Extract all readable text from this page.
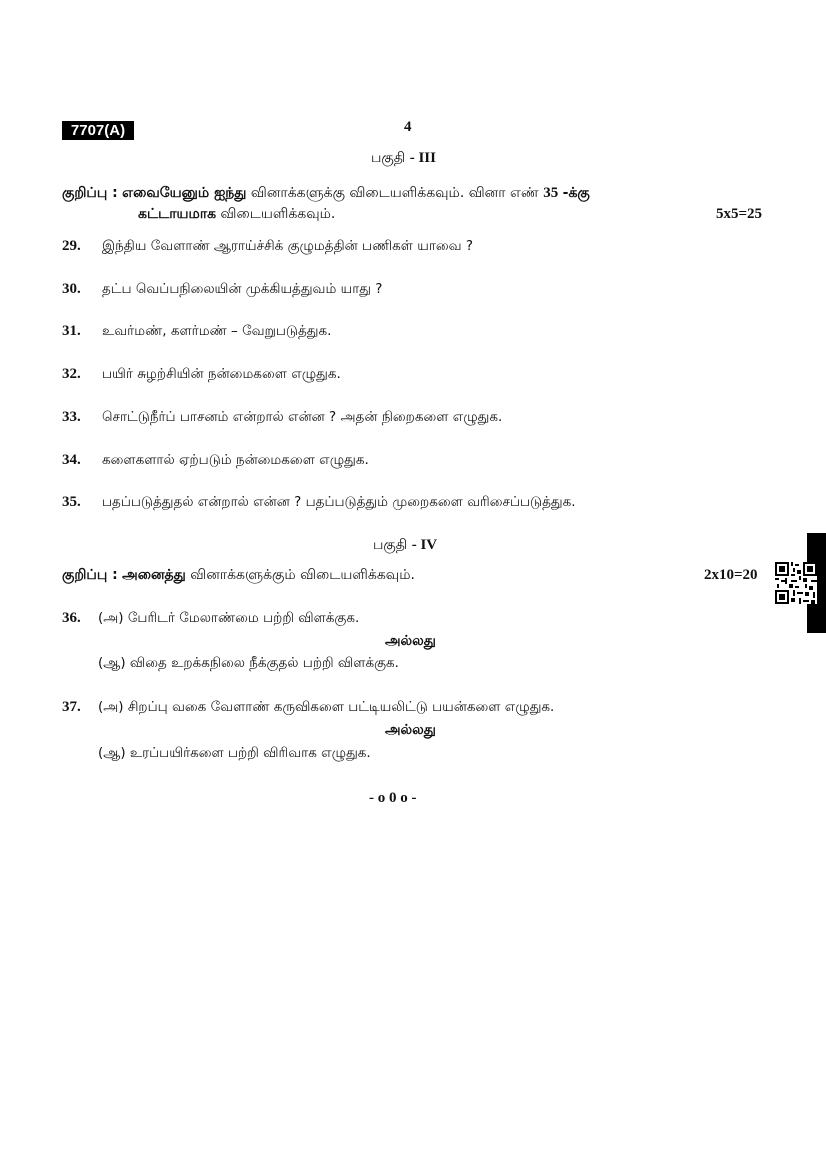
7707(A)	4
பகுதி - III
குறிப்பு : எவையேனும் ஐந்து வினாக்களுக்கு விடையளிக்கவும். வினா எண் 35 -க்கு
கட்டாயமாக விடையளிக்கவும்.	5x5=25
29. இந்திய வேளாண் ஆராய்ச்சிக் குழுமத்தின் பணிகள் யாவை ?
30. தட்ப வெப்பநிலையின் முக்கியத்துவம் யாது ?
31. உவர்மண், களர்மண் – வேறுபடுத்துக.
32. பயிர் சுழற்சியின் நன்மைகளை எழுதுக.
33. சொட்டுநீர்ப் பாசனம் என்றால் என்ன ? அதன் நிறைகளை எழுதுக.
34. களைகளால் ஏற்படும் நன்மைகளை எழுதுக.
35. பதப்படுத்துதல் என்றால் என்ன ? பதப்படுத்தும் முறைகளை வரிசைப்படுத்துக.
பகுதி - IV
குறிப்பு : அனைத்து வினாக்களுக்கும் விடையளிக்கவும்.	2x10=20
36. (அ) பேரிடர் மேலாண்மை பற்றி விளக்குக.
அல்லது
(ஆ) விதை உறக்கநிலை நீக்குதல் பற்றி விளக்குக.
37. (அ) சிறப்பு வகை வேளாண் கருவிகளை பட்டியலிட்டு பயன்களை எழுதுக.
அல்லது
(ஆ) உரப்பயிர்களை பற்றி விரிவாக எழுதுக.
- o 0 o -
